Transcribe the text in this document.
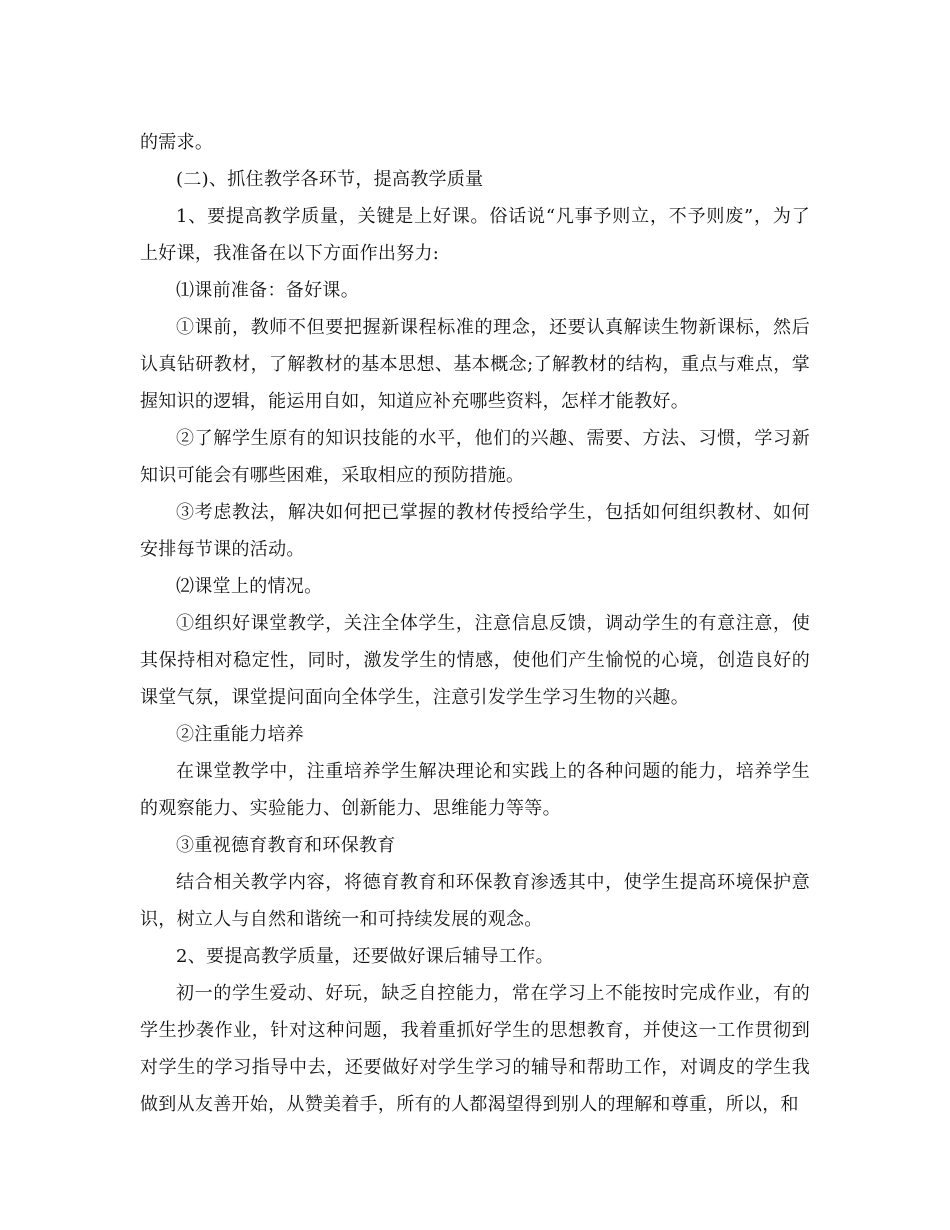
的需求。

(二)、抓住教学各环节，提高教学质量

1、要提高教学质量，关键是上好课。俗话说“凡事予则立，不予则废”，为了上好课，我准备在以下方面作出努力:

⑴课前准备：备好课。

①课前，教师不但要把握新课程标准的理念，还要认真解读生物新课标，然后认真钻研教材，了解教材的基本思想、基本概念;了解教材的结构，重点与难点，掌握知识的逻辑，能运用自如，知道应补充哪些资料，怎样才能教好。

②了解学生原有的知识技能的水平，他们的兴趣、需要、方法、习惯，学习新知识可能会有哪些困难，采取相应的预防措施。

③考虑教法，解决如何把已掌握的教材传授给学生，包括如何组织教材、如何安排每节课的活动。

⑵课堂上的情况。

①组织好课堂教学，关注全体学生，注意信息反馈，调动学生的有意注意，使其保持相对稳定性，同时，激发学生的情感，使他们产生愉悦的心境，创造良好的课堂气氛，课堂提问面向全体学生，注意引发学生学习生物的兴趣。

②注重能力培养

在课堂教学中，注重培养学生解决理论和实践上的各种问题的能力，培养学生的观察能力、实验能力、创新能力、思维能力等等。

③重视德育教育和环保教育

结合相关教学内容，将德育教育和环保教育渗透其中，使学生提高环境保护意识，树立人与自然和谐统一和可持续发展的观念。

2、要提高教学质量，还要做好课后辅导工作。

初一的学生爱动、好玩，缺乏自控能力，常在学习上不能按时完成作业，有的学生抄袭作业，针对这种问题，我着重抓好学生的思想教育，并使这一工作贯彻到对学生的学习指导中去，还要做好对学生学习的辅导和帮助工作，对调皮的学生我做到从友善开始，从赞美着手，所有的人都渴望得到别人的理解和尊重，所以，和
